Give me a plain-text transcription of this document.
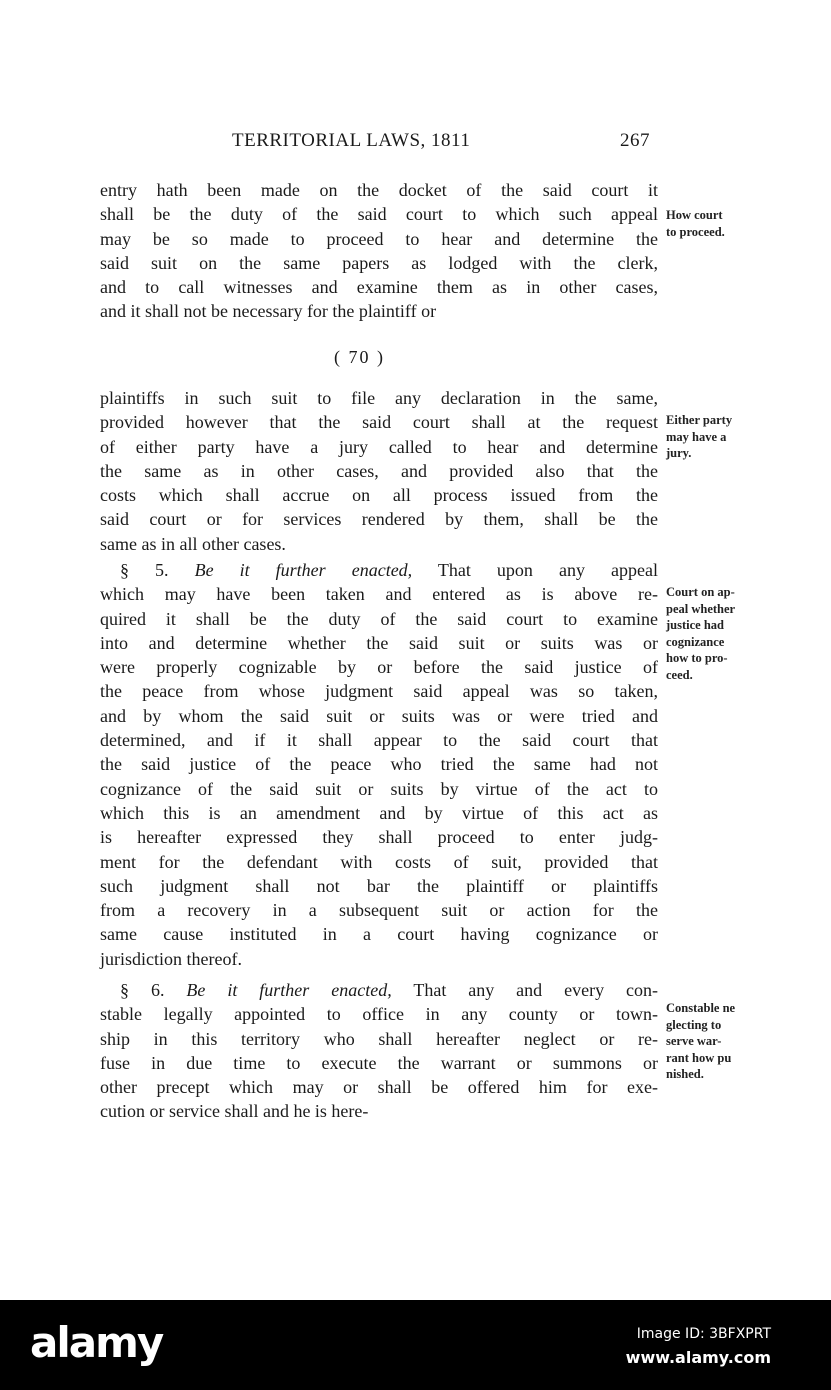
TERRITORIAL LAWS, 1811	267
entry hath been made on the docket of the said court it
shall be the duty of the said court to which such appeal
may be so made to proceed to hear and determine the
said suit on the same papers as lodged with the clerk,
and to call witnesses and examine them as in other cases,
and it shall not be necessary for the plaintiff or
( 70 )
plaintiffs in such suit to file any declaration in the same,
provided however that the said court shall at the request
of either party have a jury called to hear and determine
the same as in other cases, and provided also that the
costs which shall accrue on all process issued from the
said court or for services rendered by them, shall be the
same as in all other cases.
§ 5. Be it further enacted, That upon any appeal
which may have been taken and entered as is above re-
quired it shall be the duty of the said court to examine
into and determine whether the said suit or suits was or
were properly cognizable by or before the said justice of
the peace from whose judgment said appeal was so taken,
and by whom the said suit or suits was or were tried and
determined, and if it shall appear to the said court that
the said justice of the peace who tried the same had not
cognizance of the said suit or suits by virtue of the act to
which this is an amendment and by virtue of this act as
is hereafter expressed they shall proceed to enter judg-
ment for the defendant with costs of suit, provided that
such judgment shall not bar the plaintiff or plaintiffs
from a recovery in a subsequent suit or action for the
same cause instituted in a court having cognizance or
jurisdiction thereof.
§ 6. Be it further enacted, That any and every con-
stable legally appointed to office in any county or town-
ship in this territory who shall hereafter neglect or re-
fuse in due time to execute the warrant or summons or
other precept which may or shall be offered him for exe-
cution or service shall and he is here-
How court
to proceed.
Either party
may have a
jury.
Court on ap-
peal whether
justice had
cognizance
how to pro-
ceed.
Constable ne
glecting to
serve war-
rant how pu
nished.
alamy	Image ID: 3BFXPRT
www.alamy.com
